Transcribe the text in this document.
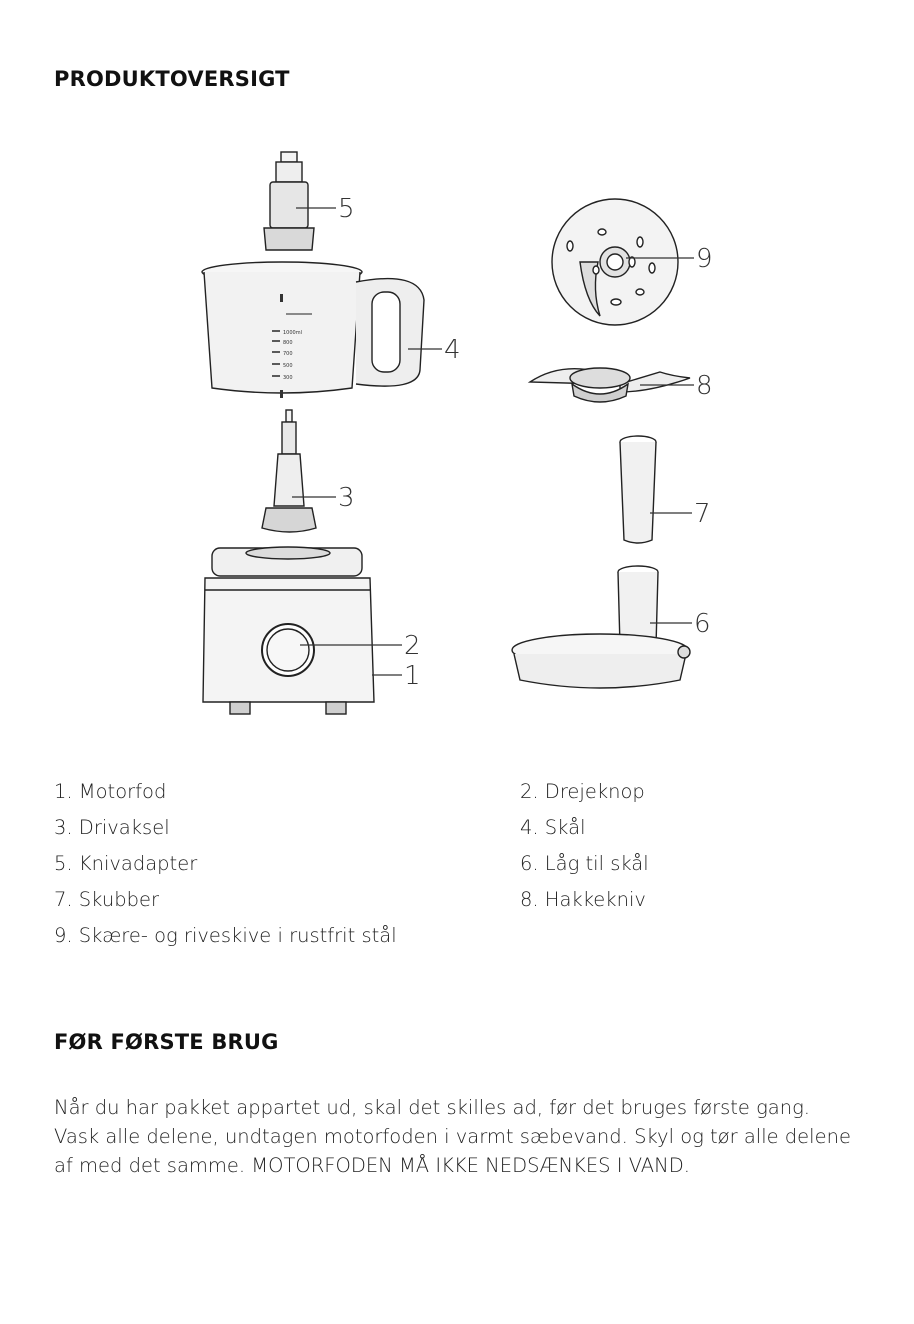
PRODUKTOVERSIGT
1000ml
800
700
500
300
1
2
3
4
5
6
7
8
9
1. Motorfod	2. Drejeknop
3. Drivaksel	4. Skål
5. Knivadapter	6. Låg til skål
7. Skubber	8. Hakkekniv
9. Skære- og riveskive i rustfrit stål
FØR FØRSTE BRUG

Når du har pakket appartet ud, skal det skilles ad, før det bruges første gang.
Vask alle delene, undtagen motorfoden i varmt sæbevand. Skyl og tør alle delene
af med det samme. MOTORFODEN MÅ IKKE NEDSÆNKES I VAND.
